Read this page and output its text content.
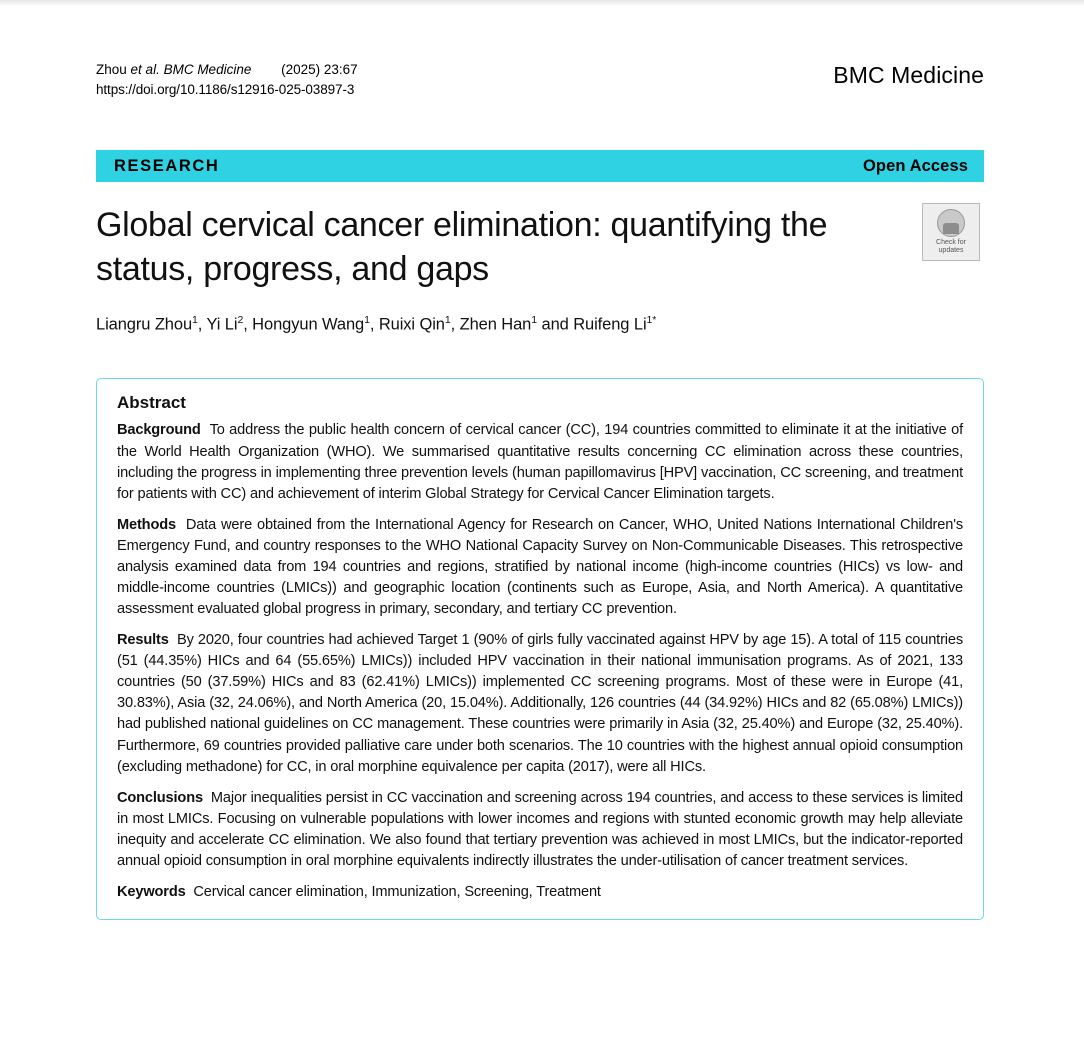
Zhou et al. BMC Medicine (2025) 23:67
https://doi.org/10.1186/s12916-025-03897-3
BMC Medicine
RESEARCH	Open Access
Global cervical cancer elimination: quantifying the status, progress, and gaps
Liangru Zhou$^1$, Yi Li$^2$, Hongyun Wang$^1$, Ruixi Qin$^1$, Zhen Han$^1$ and Ruifeng $Li^{1*}$
Abstract

Background To address the public health concern of cervical cancer (CC), 194 countries committed to eliminate it at the initiative of the World Health Organization (WHO). We summarised quantitative results concerning CC elimination across these countries, including the progress in implementing three prevention levels (human papillomavirus [HPV] vaccination, CC screening, and treatment for patients with CC) and achievement of interim Global Strategy for Cervical Cancer Elimination targets.

Methods Data were obtained from the International Agency for Research on Cancer, WHO, United Nations International Children's Emergency Fund, and country responses to the WHO National Capacity Survey on Non-Communicable Diseases. This retrospective analysis examined data from 194 countries and regions, stratified by national income (high-income countries (HICs) vs low- and middle-income countries (LMICs)) and geographic location (continents such as Europe, Asia, and North America). A quantitative assessment evaluated global progress in primary, secondary, and tertiary CC prevention.

Results By 2020, four countries had achieved Target 1 (90% of girls fully vaccinated against HPV by age 15). A total of 115 countries (51 (44.35%) HICs and 64 (55.65%) LMICs)) included HPV vaccination in their national immunisation programs. As of 2021, 133 countries (50 (37.59%) HICs and 83 (62.41%) LMICs)) implemented CC screening programs. Most of these were in Europe (41, 30.83%), Asia (32, 24.06%), and North America (20, 15.04%). Additionally, 126 countries (44 (34.92%) HICs and 82 (65.08%) LMICs)) had published national guidelines on CC management. These countries were primarily in Asia (32, 25.40%) and Europe (32, 25.40%). Furthermore, 69 countries provided palliative care under both scenarios. The 10 countries with the highest annual opioid consumption (excluding methadone) for CC, in oral morphine equivalence per capita (2017), were all HICs.

Conclusions Major inequalities persist in CC vaccination and screening across 194 countries, and access to these services is limited in most LMICs. Focusing on vulnerable populations with lower incomes and regions with stunted economic growth may help alleviate inequity and accelerate CC elimination. We also found that tertiary prevention was achieved in most LMICs, but the indicator-reported annual opioid consumption in oral morphine equivalents indirectly illustrates the under-utilisation of cancer treatment services.

Keywords Cervical cancer elimination, Immunization, Screening, Treatment

Check for
updates
